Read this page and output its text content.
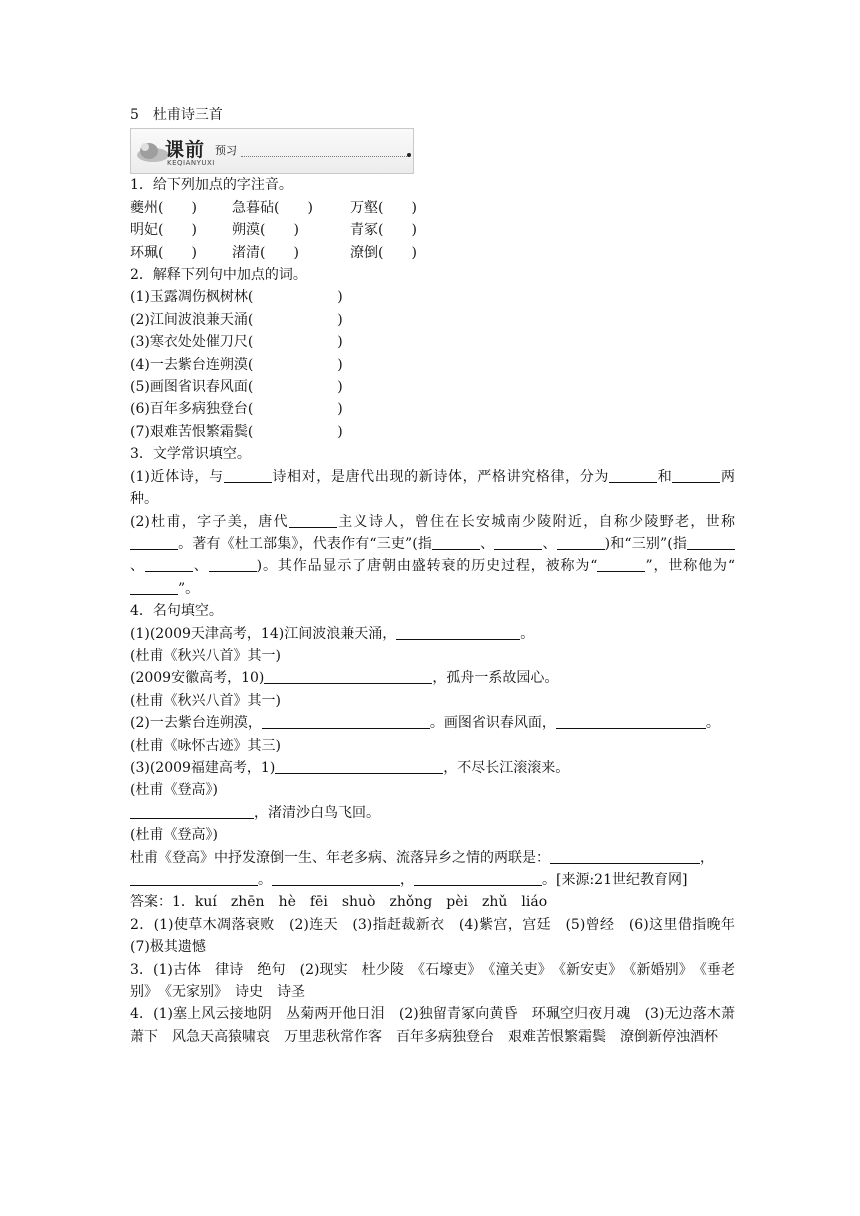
5　杜甫诗三首
课前 预习
KEQIANYUXI
1．给下列加点的字注音。
夔州(　　)	急暮砧(　　)	万壑(　　)
明妃(　　)	朔漠(　　)	青冢(　　)
环珮(　　)	渚清(　　)	潦倒(　　)
2．解释下列句中加点的词。
(1)玉露凋伤枫树林(　　　　　　)
(2)江间波浪兼天涌(　　　　　　)
(3)寒衣处处催刀尺(　　　　　　)
(4)一去紫台连朔漠(　　　　　　)
(5)画图省识春风面(　　　　　　)
(6)百年多病独登台(　　　　　　)
(7)艰难苦恨繁霜鬓(　　　　　　)
3．文学常识填空。
(1)近体诗，与	诗相对，是唐代出现的新诗体，严格讲究格律，分为	和	两种。
(2)杜甫，字子美，唐代	主义诗人，曾住在长安城南少陵附近，自称少陵野老，世称。著有《杜工部集》，代表作有“三吏”(指	、	、	)和“三别”(指、	、	)。其作品显示了唐朝由盛转衰的历史过程，被称为“	”，世称他为“”。
4．名句填空。
(1)(2009天津高考，14)江间波浪兼天涌，	。
(杜甫《秋兴八首》其一)
(2009安徽高考，10)	，孤舟一系故园心。
(杜甫《秋兴八首》其一)
(2)一去紫台连朔漠，	。画图省识春风面，	。
(杜甫《咏怀古迹》其三)
(3)(2009福建高考，1)	，不尽长江滚滚来。
(杜甫《登高》)
，渚清沙白鸟飞回。
(杜甫《登高》)
杜甫《登高》中抒发潦倒一生、年老多病、流落异乡之情的两联是：	，
。	，	。[来源:21世纪教育网]
答案：1．kuí　zhēn　hè　fēi　shuò　zhǒng　pèi　zhǔ　liáo
2．(1)使草木凋落衰败　(2)连天　(3)指赶裁新衣　(4)紫宫，宫廷　(5)曾经　(6)这里借指晚年　(7)极其遗憾
3．(1)古体　律诗　绝句　(2)现实　杜少陵　《石壕吏》　《潼关吏》　《新安吏》　《新婚别》　《垂老别》　《无家别》　诗史　诗圣
4．(1)塞上风云接地阴　丛菊两开他日泪　(2)独留青冢向黄昏　环珮空归夜月魂　(3)无边落木萧萧下　风急天高猿啸哀　万里悲秋常作客　百年多病独登台　艰难苦恨繁霜鬓　潦倒新停浊酒杯
